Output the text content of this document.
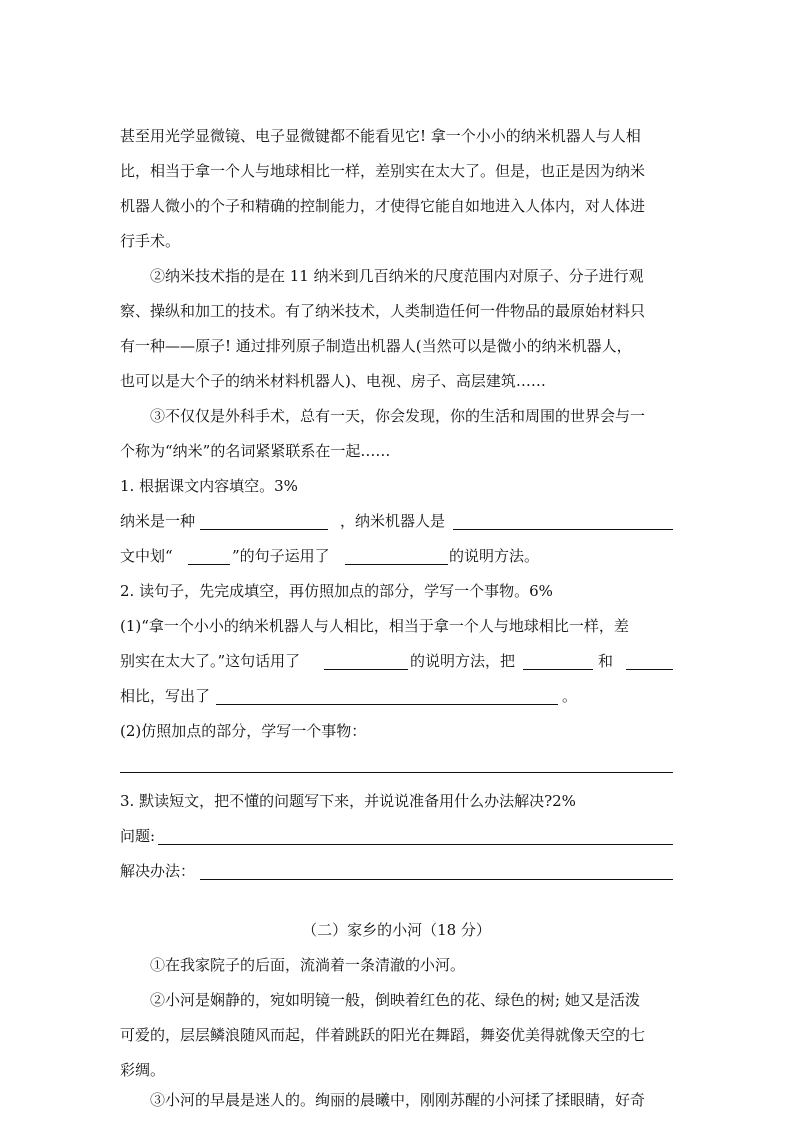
甚至用光学显微镜、电子显微键都不能看见它! 拿一个小小的纳米机器人与人相
比，相当于拿一个人与地球相比一样，差别实在太大了。但是，也正是因为纳米
机器人微小的个子和精确的控制能力，才使得它能自如地进入人体内，对人体进
行手术。
②纳米技术指的是在 11 纳米到几百纳米的尺度范围内对原子、分子进行观
察、操纵和加工的技术。有了纳米技术，人类制造任何一件物品的最原始材料只
有一种——原子! 通过排列原子制造出机器人(当然可以是微小的纳米机器人，
也可以是大个子的纳米材料机器人)、电视、房子、高层建筑……
③不仅仅是外科手术，总有一天，你会发现，你的生活和周围的世界会与一
个称为“纳米”的名词紧紧联系在一起……
1. 根据课文内容填空。3%
纳米是一种	，纳米机器人是
文中划“	”的句子运用了	的说明方法。
2. 读句子，先完成填空，再仿照加点的部分，学写一个事物。6%
(1)“拿一个小小的纳米机器人与人相比，相当于拿一个人与地球相比一样，差
别实在太大了。”这句话用了	的说明方法，把	和
相比，写出了	。
(2)仿照加点的部分，学写一个事物：
3. 默读短文，把不懂的问题写下来，并说说准备用什么办法解决?2%
问题:
解决办法：
（二）家乡的小河（18 分）
①在我家院子的后面，流淌着一条清澈的小河。
②小河是娴静的，宛如明镜一般，倒映着红色的花、绿色的树; 她又是活泼
可爱的，层层鳞浪随风而起，伴着跳跃的阳光在舞蹈，舞姿优美得就像天空的七
彩绸。
③小河的早晨是迷人的。绚丽的晨曦中，刚刚苏醒的小河揉了揉眼睛，好奇
